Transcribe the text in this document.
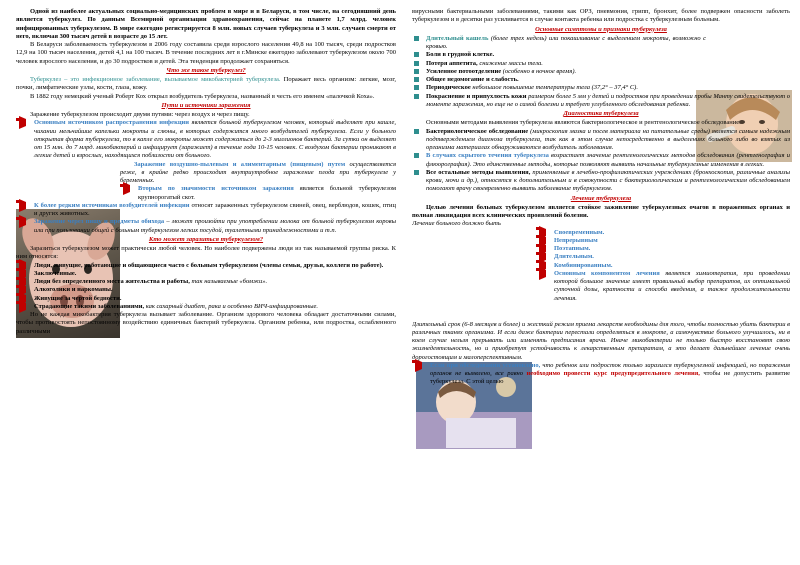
Одной из наиболее актуальных социально-медицинских проблем в мире и в Беларуси, в том числе, на сегодняшний день является туберкулез. По данным Всемирной организации здравоохранения, сейчас на планете 1,7 млрд. человек инфицированных туберкулезом. В мире ежегодно регистрируется 8 млн. новых случаев туберкулеза и 3 млн. случаев смерти от него, включая 300 тысяч детей в возрасте до 15 лет.

В Беларуси заболеваемость туберкулезом в 2006 году составила среди взрослого населения 49,8 на 100 тысяч, среди подростков 12,9 на 100 тысяч населения, детей 4,1 на 100 тысяч. В течение последних лет в г.Минске ежегодно заболевают туберкулезом около 700 человек взрослого населения, и до 30 подростков и детей. Эта тенденция продолжает сохраняться.

Что же такое туберкулез?

Туберкулез – это инфекционное заболевание, вызываемое микобактерией туберкулеза. Поражает весь организм: легкие, мозг, почки, лимфатические узлы, кости, глаза, кожу.

В 1882 году немецкий ученый Роберт Кох открыл возбудитель туберкулеза, названный в честь его именем «палочкой Коха».

Пути и источники заражения

Заражение туберкулезом происходит двумя путями: через воздух и через пищу.

Основным источником распространения инфекции является больной туберкулезом человек, который выделяет при кашле, чихании мельчайшие капельки мокроты и слюны, в которых содержится много возбудителей туберкулеза. Если у больного открытая форма туберкулеза, то в капле его мокроты может содержаться до 2-3 миллионов бактерий. За сутки он выделяет от 15 млн. до 7 млрд. микобактерий и инфицирует (заражает) в течение года 10-15 человек. С воздухом бактерии проникают в легкие детей и взрослых, находящихся поблизости от больного.

Заражение воздушно-пылевым и алиментарным (пищевым) путем осуществляется реже, в крайне редко происходит внутриутробное заражение плода при туберкулезе у беременных.

Вторым по значимости источником заражения является больной туберкулезом крупнорогатый скот.

К более редким источникам возбудителей инфекции относят зараженных туберкулезом свиней, овец, верблюдов, кошек, птиц и других животных.

Заражение через пищу и предметы обихода – может произойти при употреблении молока от больной туберкулезом коровы или при пользовании общей с больным туберкулезом легких посудой, туалетными принадлежностями и т.п.

Кто может заразиться туберкулезом?

Заразиться туберкулезом может практически любой человек. Но наиболее подвержены люди из так называемой группы риска. К ним относятся:

Люди, живущие, работающие и общающиеся часто с больным туберкулезом (члены семьи, друзья, коллеги по работе).

Заключенные.

Люди без определенного места жительства и работы, так называемые «бомжи».

Алкоголики и наркоманы.

Живущие за чертой бедности.

Страдающие такими заболеваниями, как сахарный диабет, рака и особенно ВИЧ-инфицированные.

Но не каждая микобактерия туберкулеза вызывает заболевание. Организм здорового человека обладает достаточными силами, чтобы противостоять непостоянному воздействию единичных бактерий туберкулеза. Организм ребенка, или подростка, ослабленного различными

вирусными бактериальными заболеваниями, такими как ОРЗ, пневмония, грипп, бронхит, более подвержен опасности заболеть туберкулезом и в десятки раз усиливается в случае контакта ребенка или подростка с туберкулезным больным.

Основные симптомы и признаки туберкулеза

Длительный кашель (более трех недель) или покашливание с выделением мокроты, возможно с кровью.

Боли в грудной клетке.

Потеря аппетита, снижение массы тела.

Усиленное потоотделение (особенно в ночное время).

Общее недомогание и слабость.

Периодическое небольшое повышение температуры тела (37,2° – 37,4° С).

Покраснение и припухлость кожи размером более 5 мм у детей и подростков при проведении пробы Манту свидетельствуют о моменте заражения, но еще не о самой болезни и требует углубленного обследования ребенка.

Диагностика туберкулеза

Основными методами выявления туберкулеза являются бактериологическое и рентгенологическое обследование.

Бактериологическое обследование (микроскопия мазка и посев материала на питательные среды) является самым надежным подтверждением диагноза туберкулеза, так как в этом случае непосредственно в выделениях больного либо во взятых из организма материалах обнаруживаются возбудитель заболевания.

В случаях скрытого течения туберкулеза возрастает значение рентгенологических методов обследования (рентгенография и флюорография). Это единственные методы, которые позволяют выявить начальные туберкулезные изменения в легких.

Все остальные методы выявления, применяемые в лечебно-профилактических учреждениях (бронхоскопия, различные анализы крови, мочи и др.), относятся к дополнительным и в совокупности с бактериологическим и рентгенологическим обследованием помогают врачу своевременно выявить заболевание туберкулезом.

Лечение туберкулеза

Целью лечения больных туберкулезом является стойкое заживление туберкулезных очагов в пораженных органах и полная ликвидация всех клинических проявлений болезни.

Лечение больного должно быть

Своевременным.

Непрерывным

Поэтапным.

Длительным.

Комбинированным.

Основным компонентом лечения является химиотерапия, при проведении которой большое значение имеет правильный выбор препаратов, их оптимальной суточной дозы, кратности и способа введения, а также продолжительности лечения.

Длительный срок (6-8 месяцев и более) и жесткий режим приема лекарств необходимы для того, чтобы полностью убить бактерии в различных тканях организма. И если даже бактерии перестали определяться в мокроте, а самочувствие больного улучшилось, ни в коем случае нельзя прерывать или изменять предписания врача. Иначе микобактерии не только быстро восстановят свою жизнедеятельность, но и приобретут устойчивость к лекарственным препаратам, а это делает дальнейшее лечение очень дорогостоящим и малоперспективным.

Если при обследовании установлено, что ребенок или подросток только заразился туберкулезной инфекцией, но поражения органов не выявлено, все равно необходимо провести курс предупредительного лечения, чтобы не допустить развитие туберкулеза. С этой целью
